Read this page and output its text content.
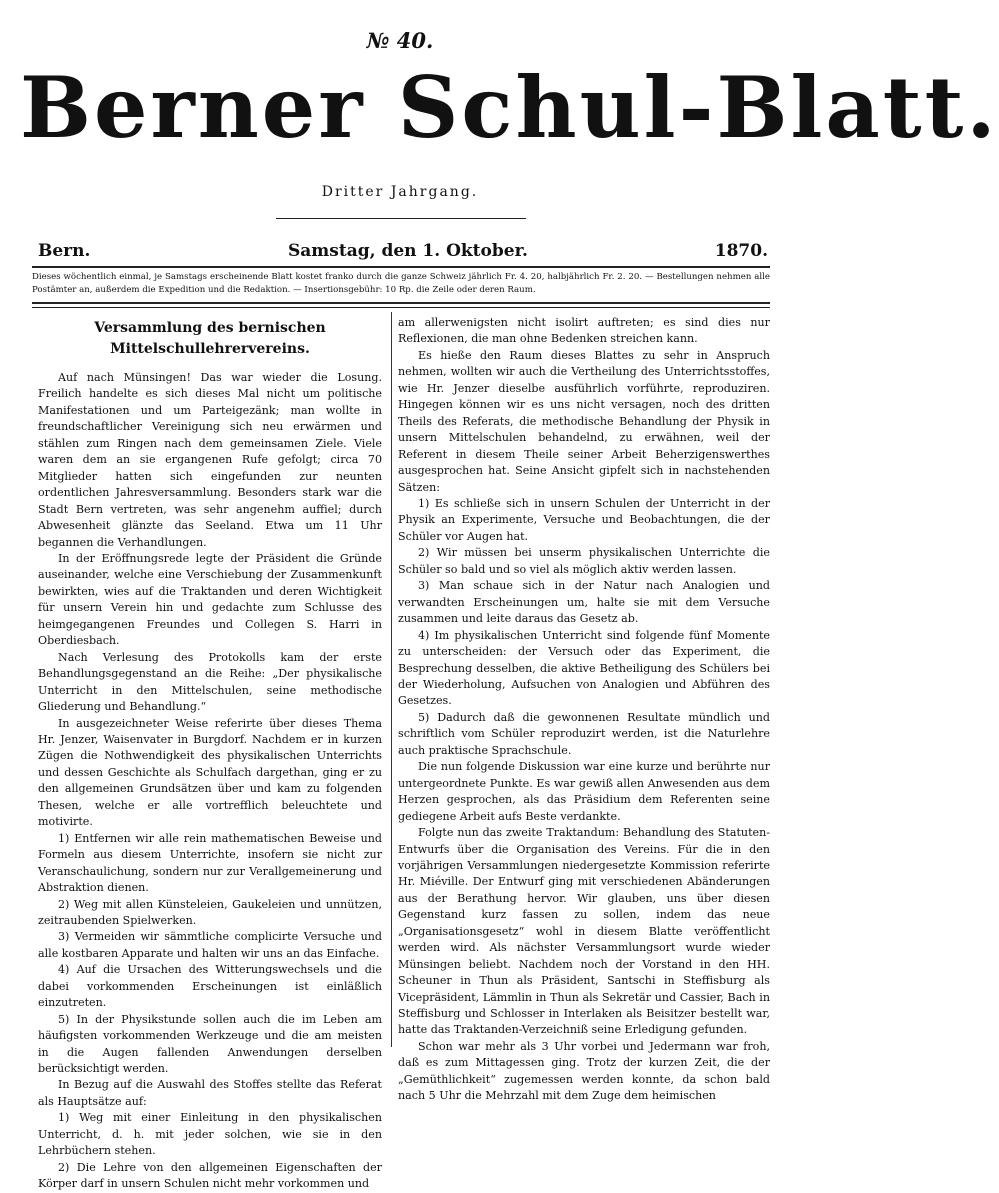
№ 40.
Berner Schul-Blatt.
Dritter Jahrgang.
Bern.	Samstag, den 1. Oktober.	1870.
Dieses wöchentlich einmal, je Samstags erscheinende Blatt kostet franko durch die ganze Schweiz jährlich Fr. 4. 20, halbjährlich Fr. 2. 20. — Bestellungen nehmen alle Postämter an, außerdem die Expedition und die Redaktion. — Insertionsgebühr: 10 Rp. die Zeile oder deren Raum.
Versammlung des bernischen Mittelschullehrervereins.

Auf nach Münsingen! Das war wieder die Losung. Freilich handelte es sich dieses Mal nicht um politische Manifestationen und um Parteigezänk; man wollte in freundschaftlicher Vereinigung sich neu erwärmen und stählen zum Ringen nach dem gemeinsamen Ziele. Viele waren dem an sie ergangenen Rufe gefolgt; circa 70 Mitglieder hatten sich eingefunden zur neunten ordentlichen Jahresversammlung. Besonders stark war die Stadt Bern vertreten, was sehr angenehm auffiel; durch Abwesenheit glänzte das Seeland. Etwa um 11 Uhr begannen die Verhandlungen.

In der Eröffnungsrede legte der Präsident die Gründe auseinander, welche eine Verschiebung der Zusammenkunft bewirkten, wies auf die Traktanden und deren Wichtigkeit für unsern Verein hin und gedachte zum Schlusse des heimgegangenen Freundes und Collegen S. Harri in Oberdiesbach.

Nach Verlesung des Protokolls kam der erste Behandlungsgegenstand an die Reihe: „Der physikalische Unterricht in den Mittelschulen, seine methodische Gliederung und Behandlung.“

In ausgezeichneter Weise referirte über dieses Thema Hr. Jenzer, Waisenvater in Burgdorf. Nachdem er in kurzen Zügen die Nothwendigkeit des physikalischen Unterrichts und dessen Geschichte als Schulfach dargethan, ging er zu den allgemeinen Grundsätzen über und kam zu folgenden Thesen, welche er alle vortrefflich beleuchtete und motivirte.

1) Entfernen wir alle rein mathematischen Beweise und Formeln aus diesem Unterrichte, insofern sie nicht zur Veranschaulichung, sondern nur zur Verallgemeinerung und Abstraktion dienen.

2) Weg mit allen Künsteleien, Gaukeleien und unnützen, zeitraubenden Spielwerken.

3) Vermeiden wir sämmtliche complicirte Versuche und alle kostbaren Apparate und halten wir uns an das Einfache.

4) Auf die Ursachen des Witterungswechsels und die dabei vorkommenden Erscheinungen ist einläßlich einzutreten.

5) In der Physikstunde sollen auch die im Leben am häufigsten vorkommenden Werkzeuge und die am meisten in die Augen fallenden Anwendungen derselben berücksichtigt werden.

In Bezug auf die Auswahl des Stoffes stellte das Referat als Hauptsätze auf:

1) Weg mit einer Einleitung in den physikalischen Unterricht, d. h. mit jeder solchen, wie sie in den Lehrbüchern stehen.

2) Die Lehre von den allgemeinen Eigenschaften der Körper darf in unsern Schulen nicht mehr vorkommen und

am allerwenigsten nicht isolirt auftreten; es sind dies nur Reflexionen, die man ohne Bedenken streichen kann.

Es hieße den Raum dieses Blattes zu sehr in Anspruch nehmen, wollten wir auch die Vertheilung des Unterrichtsstoffes, wie Hr. Jenzer dieselbe ausführlich vorführte, reproduziren. Hingegen können wir es uns nicht versagen, noch des dritten Theils des Referats, die methodische Behandlung der Physik in unsern Mittelschulen behandelnd, zu erwähnen, weil der Referent in diesem Theile seiner Arbeit Beherzigenswerthes ausgesprochen hat. Seine Ansicht gipfelt sich in nachstehenden Sätzen:

1) Es schließe sich in unsern Schulen der Unterricht in der Physik an Experimente, Versuche und Beobachtungen, die der Schüler vor Augen hat.

2) Wir müssen bei unserm physikalischen Unterrichte die Schüler so bald und so viel als möglich aktiv werden lassen.

3) Man schaue sich in der Natur nach Analogien und verwandten Erscheinungen um, halte sie mit dem Versuche zusammen und leite daraus das Gesetz ab.

4) Im physikalischen Unterricht sind folgende fünf Momente zu unterscheiden: der Versuch oder das Experiment, die Besprechung desselben, die aktive Betheiligung des Schülers bei der Wiederholung, Aufsuchen von Analogien und Abführen des Gesetzes.

5) Dadurch daß die gewonnenen Resultate mündlich und schriftlich vom Schüler reproduzirt werden, ist die Naturlehre auch praktische Sprachschule.

Die nun folgende Diskussion war eine kurze und berührte nur untergeordnete Punkte. Es war gewiß allen Anwesenden aus dem Herzen gesprochen, als das Präsidium dem Referenten seine gediegene Arbeit aufs Beste verdankte.

Folgte nun das zweite Traktandum: Behandlung des Statuten-Entwurfs über die Organisation des Vereins. Für die in den vorjährigen Versammlungen niedergesetzte Kommission referirte Hr. Miéville. Der Entwurf ging mit verschiedenen Abänderungen aus der Berathung hervor. Wir glauben, uns über diesen Gegenstand kurz fassen zu sollen, indem das neue „Organisationsgesetz“ wohl in diesem Blatte veröffentlicht werden wird. Als nächster Versammlungsort wurde wieder Münsingen beliebt. Nachdem noch der Vorstand in den HH. Scheuner in Thun als Präsident, Santschi in Steffisburg als Vicepräsident, Lämmlin in Thun als Sekretär und Cassier, Bach in Steffisburg und Schlosser in Interlaken als Beisitzer bestellt war, hatte das Traktanden-Verzeichniß seine Erledigung gefunden.

Schon war mehr als 3 Uhr vorbei und Jedermann war froh, daß es zum Mittagessen ging. Trotz der kurzen Zeit, die der „Gemüthlichkeit“ zugemessen werden konnte, da schon bald nach 5 Uhr die Mehrzahl mit dem Zuge dem heimischen
